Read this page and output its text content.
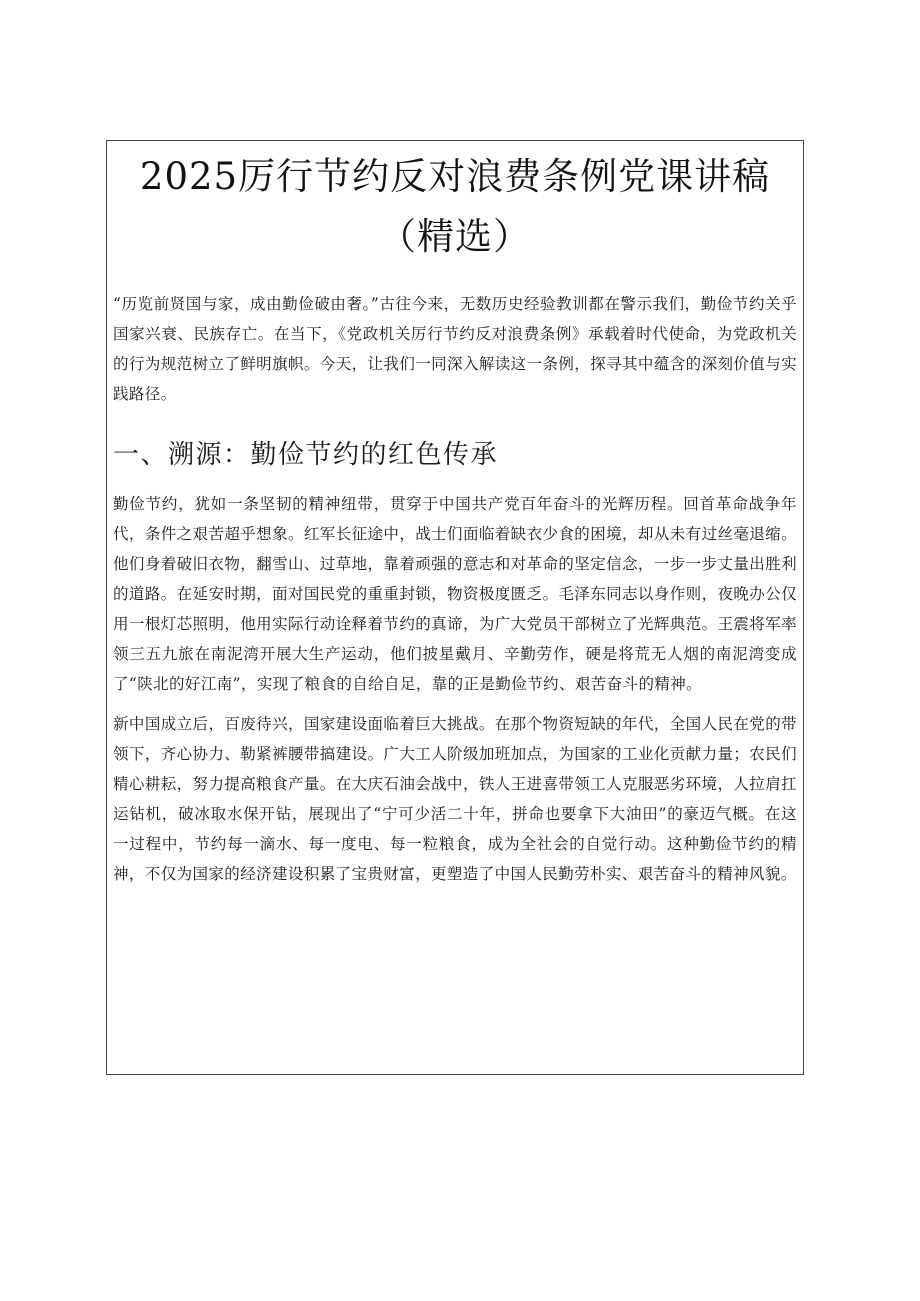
2025厉行节约反对浪费条例党课讲稿（精选）

“历览前贤国与家，成由勤俭破由奢。”古往今来，无数历史经验教训都在警示我们，勤俭节约关乎国家兴衰、民族存亡。在当下，《党政机关厉行节约反对浪费条例》承载着时代使命，为党政机关的行为规范树立了鲜明旗帜。今天，让我们一同深入解读这一条例，探寻其中蕴含的深刻价值与实践路径。

一、溯源：勤俭节约的红色传承

勤俭节约，犹如一条坚韧的精神纽带，贯穿于中国共产党百年奋斗的光辉历程。回首革命战争年代，条件之艰苦超乎想象。红军长征途中，战士们面临着缺衣少食的困境，却从未有过丝毫退缩。他们身着破旧衣物，翻雪山、过草地，靠着顽强的意志和对革命的坚定信念，一步一步丈量出胜利的道路。在延安时期，面对国民党的重重封锁，物资极度匮乏。毛泽东同志以身作则，夜晚办公仅用一根灯芯照明，他用实际行动诠释着节约的真谛，为广大党员干部树立了光辉典范。王震将军率领三五九旅在南泥湾开展大生产运动，他们披星戴月、辛勤劳作，硬是将荒无人烟的南泥湾变成了“陕北的好江南”，实现了粮食的自给自足，靠的正是勤俭节约、艰苦奋斗的精神。

新中国成立后，百废待兴，国家建设面临着巨大挑战。在那个物资短缺的年代，全国人民在党的带领下，齐心协力、勒紧裤腰带搞建设。广大工人阶级加班加点，为国家的工业化贡献力量；农民们精心耕耘，努力提高粮食产量。在大庆石油会战中，铁人王进喜带领工人克服恶劣环境，人拉肩扛运钻机，破冰取水保开钻，展现出了“宁可少活二十年，拼命也要拿下大油田”的豪迈气概。在这一过程中，节约每一滴水、每一度电、每一粒粮食，成为全社会的自觉行动。这种勤俭节约的精神，不仅为国家的经济建设积累了宝贵财富，更塑造了中国人民勤劳朴实、艰苦奋斗的精神风貌。
